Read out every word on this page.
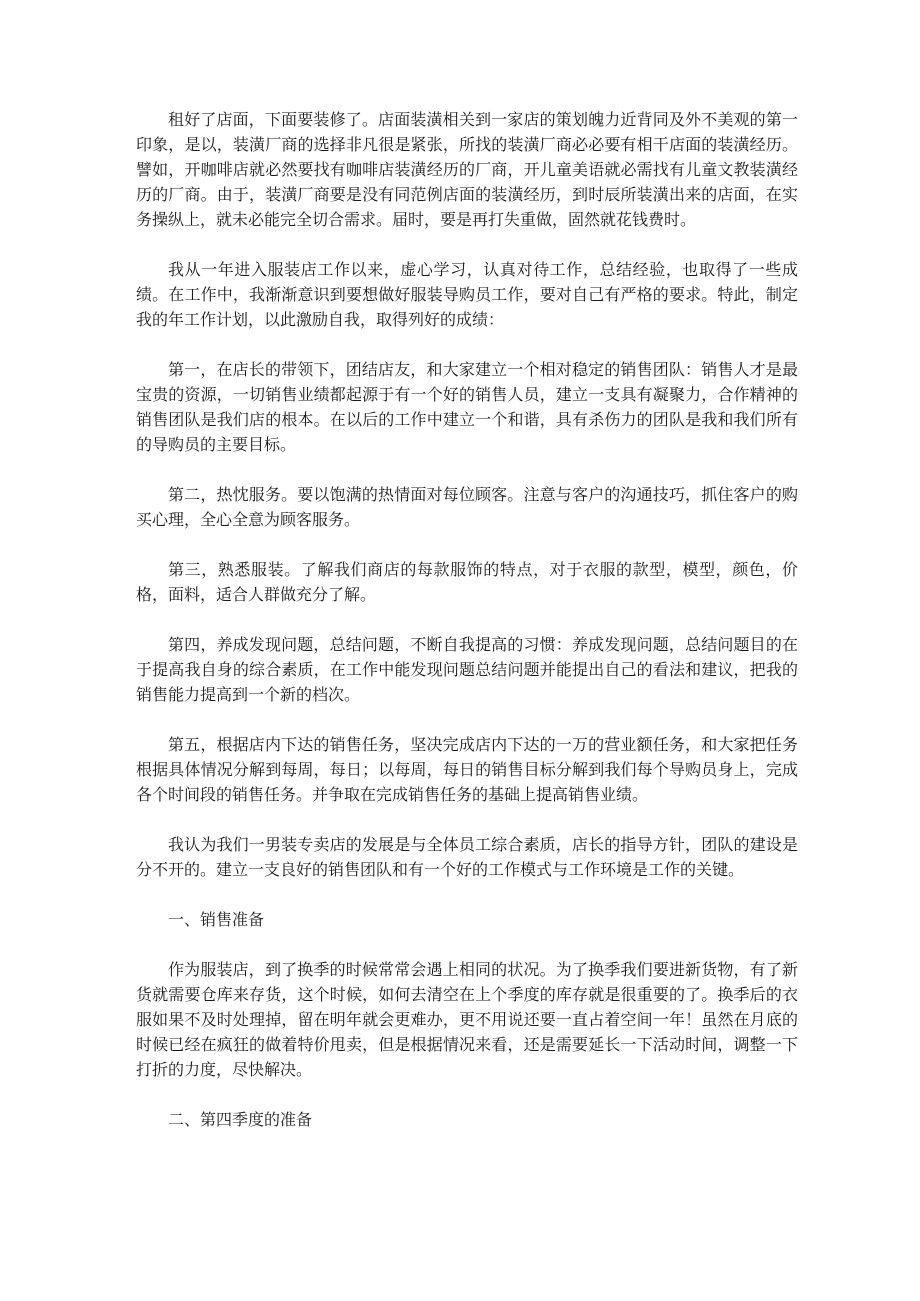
租好了店面，下面要装修了。店面装潢相关到一家店的策划魄力近背同及外不美观的第一印象，是以，装潢厂商的选择非凡很是紧张，所找的装潢厂商必必要有相干店面的装潢经历。譬如，开咖啡店就必然要找有咖啡店装潢经历的厂商，开儿童美语就必需找有儿童文教装潢经历的厂商。由于，装潢厂商要是没有同范例店面的装潢经历，到时辰所装潢出来的店面，在实务操纵上，就未必能完全切合需求。届时，要是再打失重做，固然就花钱费时。

我从一年进入服装店工作以来，虚心学习，认真对待工作，总结经验，也取得了一些成绩。在工作中，我渐渐意识到要想做好服装导购员工作，要对自己有严格的要求。特此，制定我的年工作计划，以此激励自我，取得列好的成绩：

第一，在店长的带领下，团结店友，和大家建立一个相对稳定的销售团队：销售人才是最宝贵的资源，一切销售业绩都起源于有一个好的销售人员，建立一支具有凝聚力，合作精神的销售团队是我们店的根本。在以后的工作中建立一个和谐，具有杀伤力的团队是我和我们所有的导购员的主要目标。

第二，热忱服务。要以饱满的热情面对每位顾客。注意与客户的沟通技巧，抓住客户的购买心理，全心全意为顾客服务。

第三，熟悉服装。了解我们商店的每款服饰的特点，对于衣服的款型，模型，颜色，价格，面料，适合人群做充分了解。

第四，养成发现问题，总结问题，不断自我提高的习惯：养成发现问题，总结问题目的在于提高我自身的综合素质，在工作中能发现问题总结问题并能提出自己的看法和建议，把我的销售能力提高到一个新的档次。

第五，根据店内下达的销售任务，坚决完成店内下达的一万的营业额任务，和大家把任务根据具体情况分解到每周，每日；以每周，每日的销售目标分解到我们每个导购员身上，完成各个时间段的销售任务。并争取在完成销售任务的基础上提高销售业绩。

我认为我们一男装专卖店的发展是与全体员工综合素质，店长的指导方针，团队的建设是分不开的。建立一支良好的销售团队和有一个好的工作模式与工作环境是工作的关键。

一、销售准备

作为服装店，到了换季的时候常常会遇上相同的状况。为了换季我们要进新货物，有了新货就需要仓库来存货，这个时候，如何去清空在上个季度的库存就是很重要的了。换季后的衣服如果不及时处理掉，留在明年就会更难办，更不用说还要一直占着空间一年！虽然在月底的时候已经在疯狂的做着特价甩卖，但是根据情况来看，还是需要延长一下活动时间，调整一下打折的力度，尽快解决。

二、第四季度的准备
